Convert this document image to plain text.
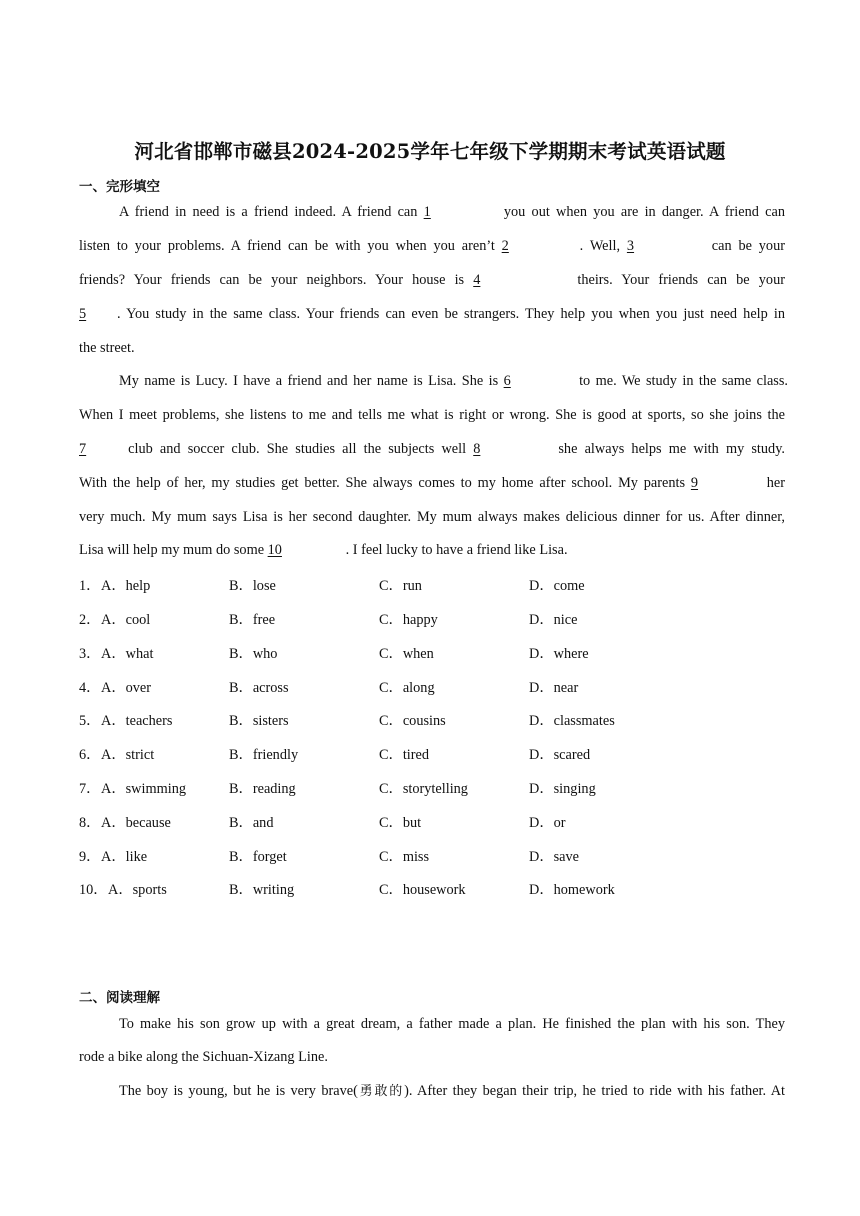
河北省邯郸市磁县2024-2025学年七年级下学期期末考试英语试题
一、完形填空
A friend in need is a friend indeed. A friend can 1	you out when you are in danger. A friend can
listen to your problems. A friend can be with you when you aren’t 2	. Well, 3	can be your
friends? Your friends can be your neighbors. Your house is 4	theirs. Your friends can be your
5 . You study in the same class. Your friends can even be strangers. They help you when you just need help in
the street.
My name is Lucy. I have a friend and her name is Lisa. She is 6	to me. We study in the same class.
When I meet problems, she listens to me and tells me what is right or wrong. She is good at sports, so she joins the
7 club and soccer club. She studies all the subjects well 8	she always helps me with my study.
With the help of her, my studies get better. She always comes to my home after school. My parents 9	her
very much. My mum says Lisa is her second daughter. My mum always makes delicious dinner for us. After dinner,
Lisa will help my mum do some 10	. I feel lucky to have a friend like Lisa.
1． A．help	B．lose	C．run	D．come
2． A．cool	B．free	C．happy	D．nice
3． A．what	B．who	C．when	D．where
4． A．over	B．across	C．along	D．near
5． A．teachers	B．sisters	C．cousins	D．classmates
6． A．strict	B．friendly	C．tired	D．scared
7． A．swimming	B．reading	C．storytelling	D．singing
8． A．because	B．and	C．but	D．or
9． A．like	B．forget	C．miss	D．save
10． A．sports	B．writing	C．housework	D．homework
二、阅读理解
To make his son grow up with a great dream, a father made a plan. He finished the plan with his son. They
rode a bike along the Sichuan-Xizang Line.
The boy is young, but he is very brave(勇敢的). After they began their trip, he tried to ride with his father. At
